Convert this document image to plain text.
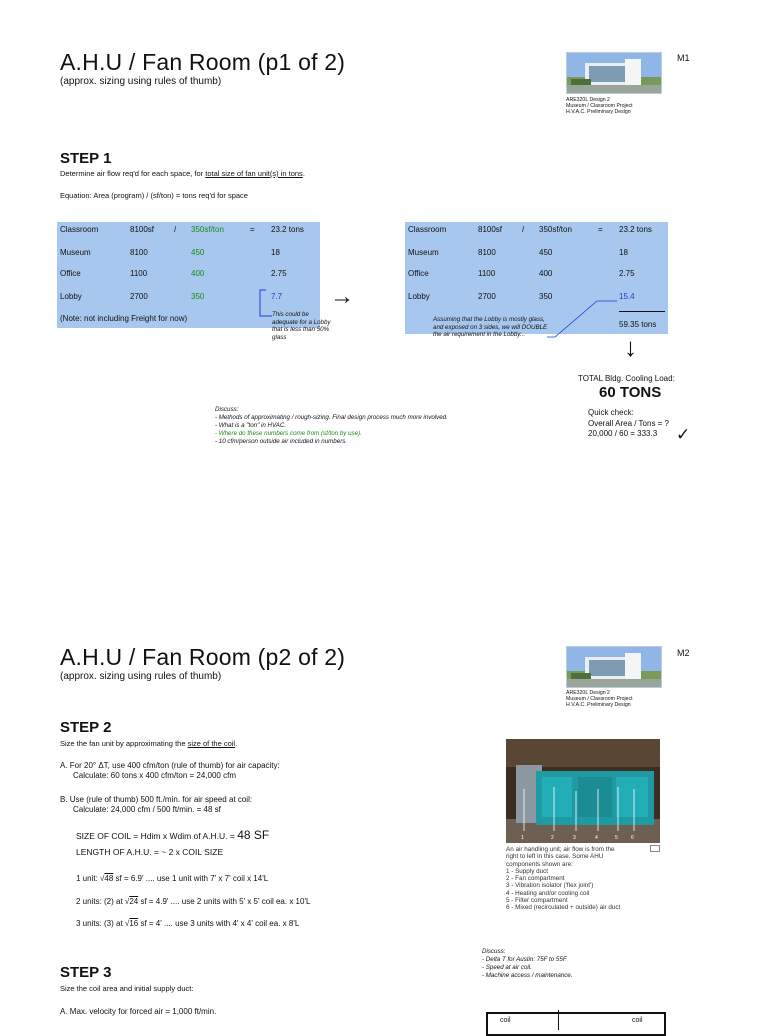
A.H.U / Fan Room (p1 of 2)
(approx. sizing using rules of thumb)
M1
ARE320L Design 2
Museum / Classroom Project
H.V.A.C. Preliminary Design
STEP 1
Determine air flow req'd for each space, for total size of fan unit(s) in tons.
Equation: Area (program) / (sf/ton) = tons req'd for space
Classroom	8100sf / 350sf/ton	= 23.2 tons
Museum	8100	450	18
Office	1100	400	2.75
Lobby	2700	350	7.7
(Note: not including Freight for now)	This could be adequate for a Lobby that is less than 50% glass
→
Classroom	8100sf / 350sf/ton	= 23.2 tons
Museum	8100	450	18
Office	1100	400	2.75
Lobby	2700	350	15.4
59.35 tons
Assuming that the Lobby is mostly glass, and exposed on 3 sides, we will DOUBLE the air requirement in the Lobby...	↓
TOTAL Bldg. Cooling Load:
60 TONS
Quick check:
Overall Area / Tons = ?
20,000 / 60 = 333.3	✓
Discuss:
- Methods of approximating / rough-sizing. Final design process much more involved.
- What is a "ton" in HVAC.
- Where do these numbers come from (sf/ton by use).
- 10 cfm/person outside air included in numbers.
A.H.U / Fan Room (p2 of 2)
(approx. sizing using rules of thumb)
M2
ARE320L Design 2
Museum / Classroom Project
H.V.A.C. Preliminary Design
STEP 2
Size the fan unit by approximating the size of the coil.
A. For 20° ΔT, use 400 cfm/ton (rule of thumb) for air capacity:
Calculate: 60 tons x 400 cfm/ton = 24,000 cfm
B. Use (rule of thumb) 500 ft./min. for air speed at coil:
Calculate: 24,000 cfm / 500 ft/min. = 48 sf
SIZE OF COIL = Hdim x Wdim of A.H.U. = 48 SF
LENGTH OF A.H.U. = ~ 2 x COIL SIZE
1 unit: √48 sf = 6.9' .... use 1 unit with 7' x 7' coil x 14'L
2 units: (2) at √24 sf = 4.9' .... use 2 units with 5' x 5' coil ea. x 10'L
3 units: (3) at √16 sf = 4' .... use 3 units with 4' x 4' coil ea. x 8'L
1	2	3	4	5	6
An air handling unit; air flow is from the
right to left in this case. Some AHU
components shown are:
1 - Supply duct
2 - Fan compartment
3 - Vibration isolator ('flex joint')
4 - Heating and/or cooling coil
5 - Filter compartment
6 - Mixed (recirculated + outside) air duct
Discuss:
- Delta T for Austin: 75F to 55F
- Speed at air coil.
- Machine access / maintenance.
STEP 3
Size the coil area and initial supply duct:
A. Max. velocity for forced air = 1,000 ft/min.
coil	coil
